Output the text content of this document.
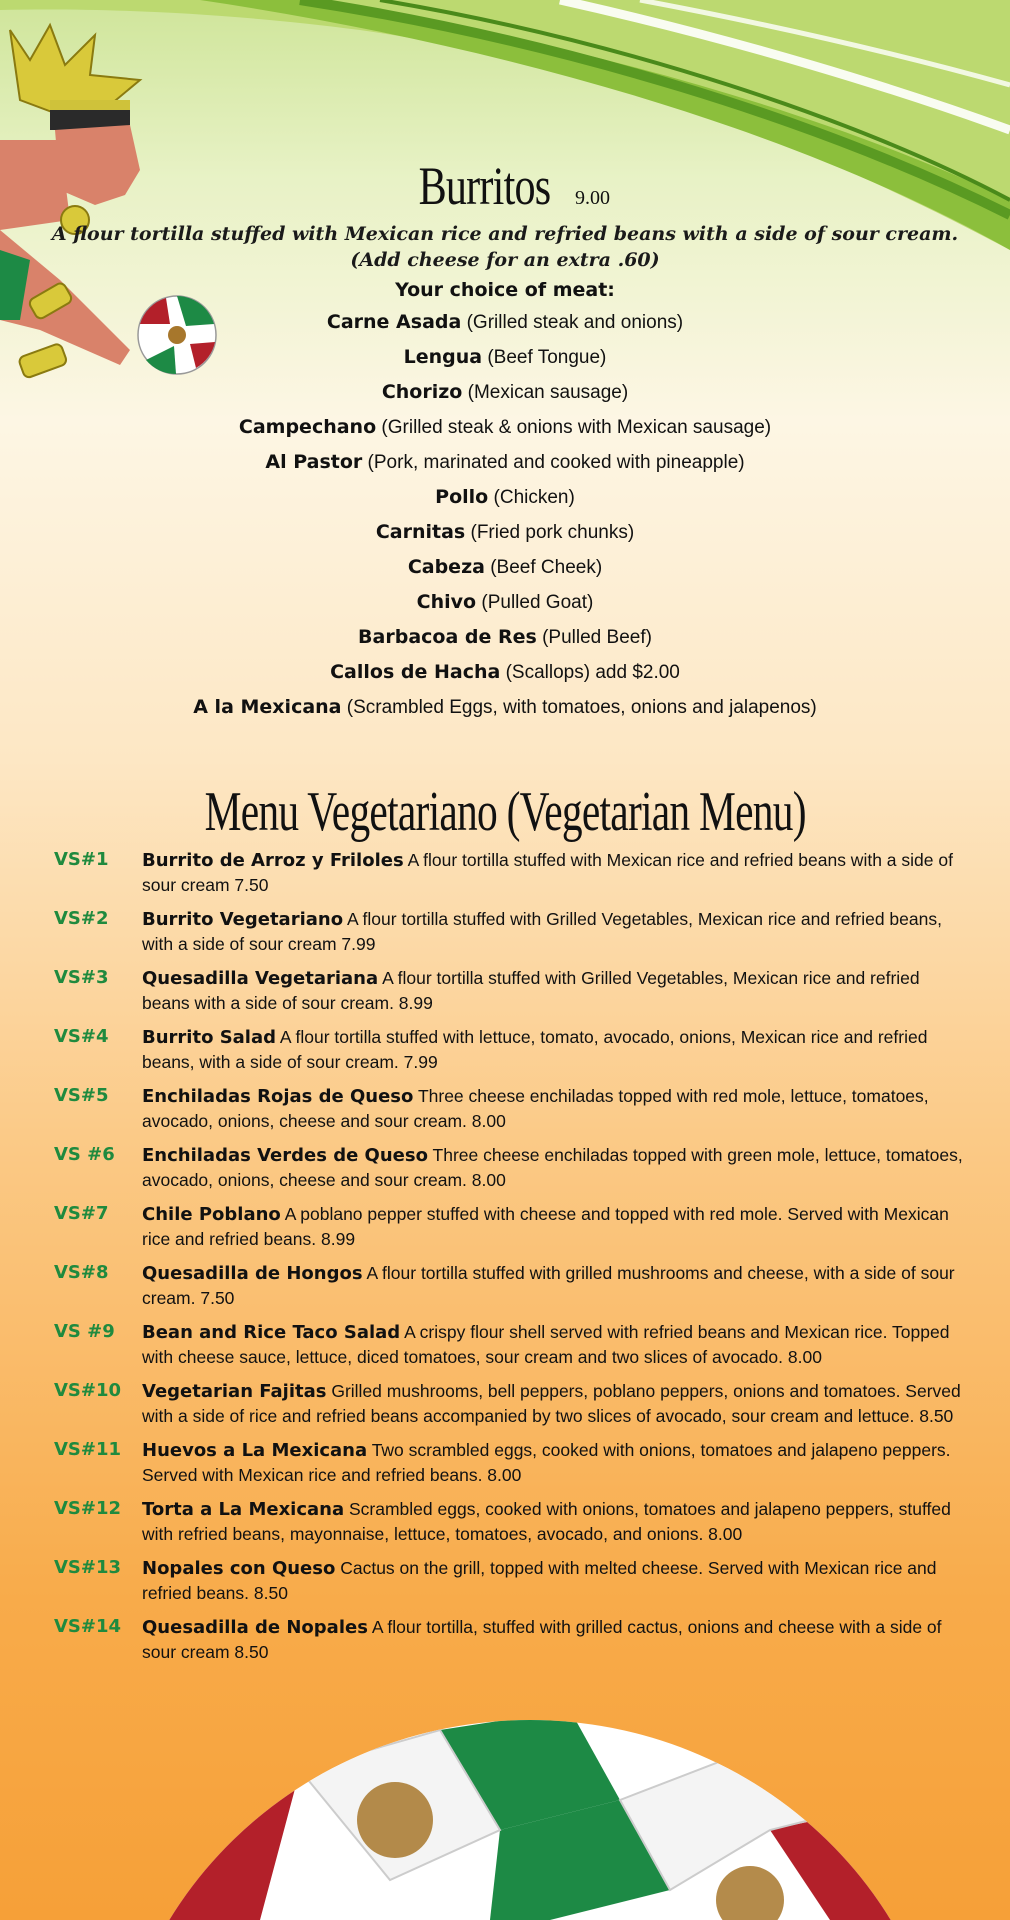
Burritos 9.00
A flour tortilla stuffed with Mexican rice and refried beans with a side of sour cream.
(Add cheese for an extra .60)
Your choice of meat:
Carne Asada (Grilled steak and onions)
Lengua (Beef Tongue)
Chorizo (Mexican sausage)
Campechano (Grilled steak & onions with Mexican sausage)
Al Pastor (Pork, marinated and cooked with pineapple)
Pollo (Chicken)
Carnitas (Fried pork chunks)
Cabeza (Beef Cheek)
Chivo (Pulled Goat)
Barbacoa de Res (Pulled Beef)
Callos de Hacha (Scallops) add $2.00
A la Mexicana (Scrambled Eggs, with tomatoes, onions and jalapenos)
Menu Vegetariano (Vegetarian Menu)
VS#1	Burrito de Arroz y Friloles A flour tortilla stuffed with Mexican rice and refried beans with a side of sour cream 7.50
VS#2	Burrito Vegetariano A flour tortilla stuffed with Grilled Vegetables, Mexican rice and refried beans, with a side of sour cream 7.99
VS#3	Quesadilla Vegetariana A flour tortilla stuffed with Grilled Vegetables, Mexican rice and refried beans with a side of sour cream. 8.99
VS#4	Burrito Salad A flour tortilla stuffed with lettuce, tomato, avocado, onions, Mexican rice and refried beans, with a side of sour cream. 7.99
VS#5	Enchiladas Rojas de Queso Three cheese enchiladas topped with red mole, lettuce, tomatoes, avocado, onions, cheese and sour cream. 8.00
VS #6	Enchiladas Verdes de Queso Three cheese enchiladas topped with green mole, lettuce, tomatoes, avocado, onions, cheese and sour cream. 8.00
VS#7	Chile Poblano A poblano pepper stuffed with cheese and topped with red mole. Served with Mexican rice and refried beans. 8.99
VS#8	Quesadilla de Hongos A flour tortilla stuffed with grilled mushrooms and cheese, with a side of sour cream. 7.50
VS #9	Bean and Rice Taco Salad A crispy flour shell served with refried beans and Mexican rice. Topped with cheese sauce, lettuce, diced tomatoes, sour cream and two slices of avocado. 8.00
VS#10	Vegetarian Fajitas Grilled mushrooms, bell peppers, poblano peppers, onions and tomatoes. Served with a side of rice and refried beans accompanied by two slices of avocado, sour cream and lettuce. 8.50
VS#11	Huevos a La Mexicana Two scrambled eggs, cooked with onions, tomatoes and jalapeno peppers. Served with Mexican rice and refried beans. 8.00
VS#12	Torta a La Mexicana Scrambled eggs, cooked with onions, tomatoes and jalapeno peppers, stuffed with refried beans, mayonnaise, lettuce, tomatoes, avocado, and onions. 8.00
VS#13	Nopales con Queso Cactus on the grill, topped with melted cheese. Served with Mexican rice and refried beans. 8.50
VS#14	Quesadilla de Nopales A flour tortilla, stuffed with grilled cactus, onions and cheese with a side of sour cream 8.50
